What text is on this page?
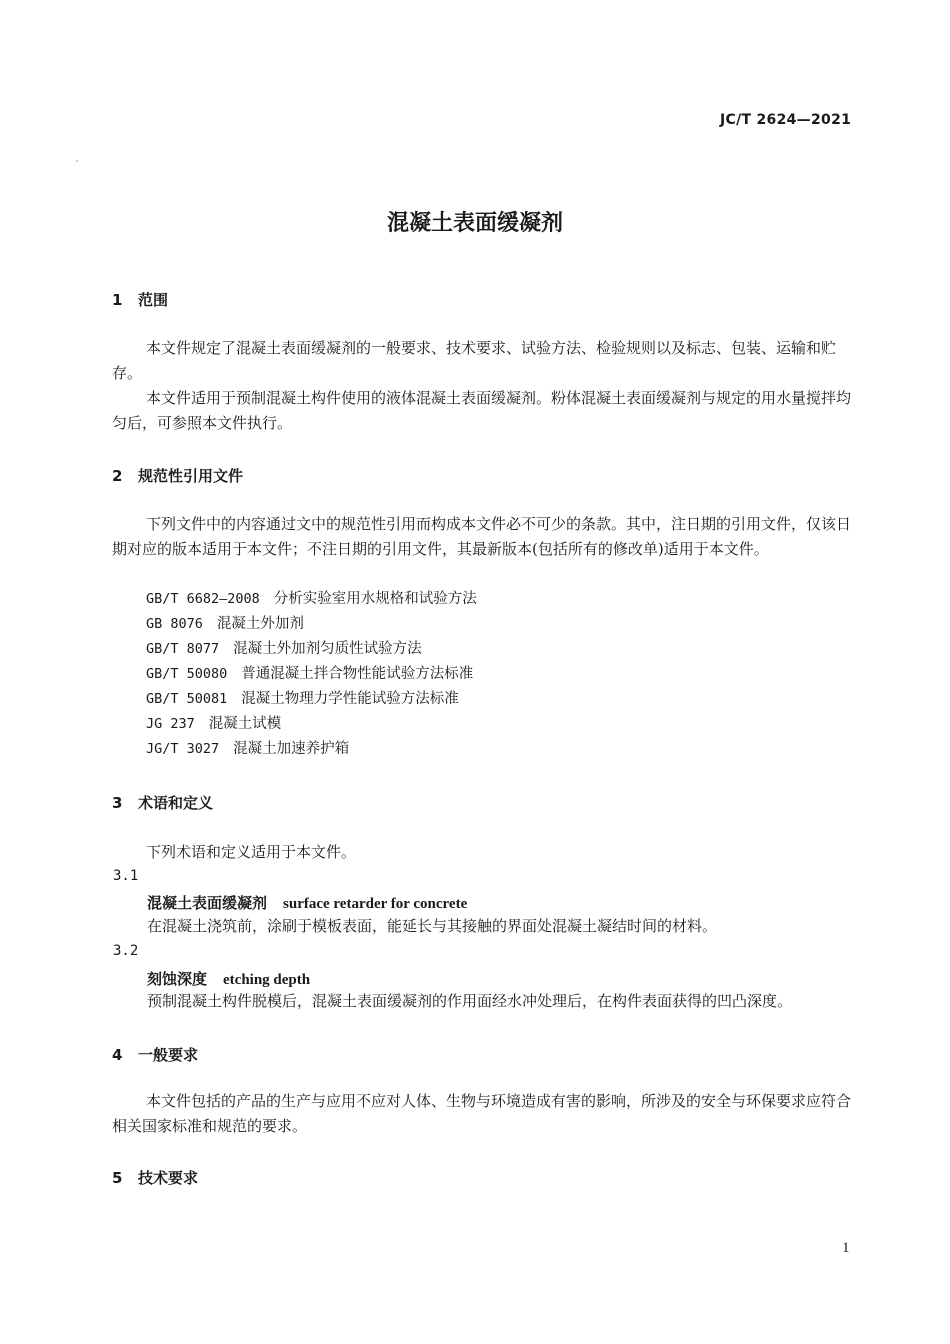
JC/T 2624—2021
混凝土表面缓凝剂
1 范围
本文件规定了混凝土表面缓凝剂的一般要求、技术要求、试验方法、检验规则以及标志、包装、运输和贮存。
本文件适用于预制混凝土构件使用的液体混凝土表面缓凝剂。粉体混凝土表面缓凝剂与规定的用水量搅拌均匀后，可参照本文件执行。
2 规范性引用文件
下列文件中的内容通过文中的规范性引用而构成本文件必不可少的条款。其中，注日期的引用文件，仅该日期对应的版本适用于本文件；不注日期的引用文件，其最新版本(包括所有的修改单)适用于本文件。
GB/T 6682—2008 分析实验室用水规格和试验方法
GB 8076 混凝土外加剂
GB/T 8077 混凝土外加剂匀质性试验方法
GB/T 50080 普通混凝土拌合物性能试验方法标准
GB/T 50081 混凝土物理力学性能试验方法标准
JG 237 混凝土试模
JG/T 3027 混凝土加速养护箱
3 术语和定义
下列术语和定义适用于本文件。
3.1
混凝土表面缓凝剂 surface retarder for concrete
在混凝土浇筑前，涂刷于模板表面，能延长与其接触的界面处混凝土凝结时间的材料。
3.2
刻蚀深度 etching depth
预制混凝土构件脱模后，混凝土表面缓凝剂的作用面经水冲处理后，在构件表面获得的凹凸深度。
4 一般要求
本文件包括的产品的生产与应用不应对人体、生物与环境造成有害的影响，所涉及的安全与环保要求应符合相关国家标准和规范的要求。
5 技术要求
1
